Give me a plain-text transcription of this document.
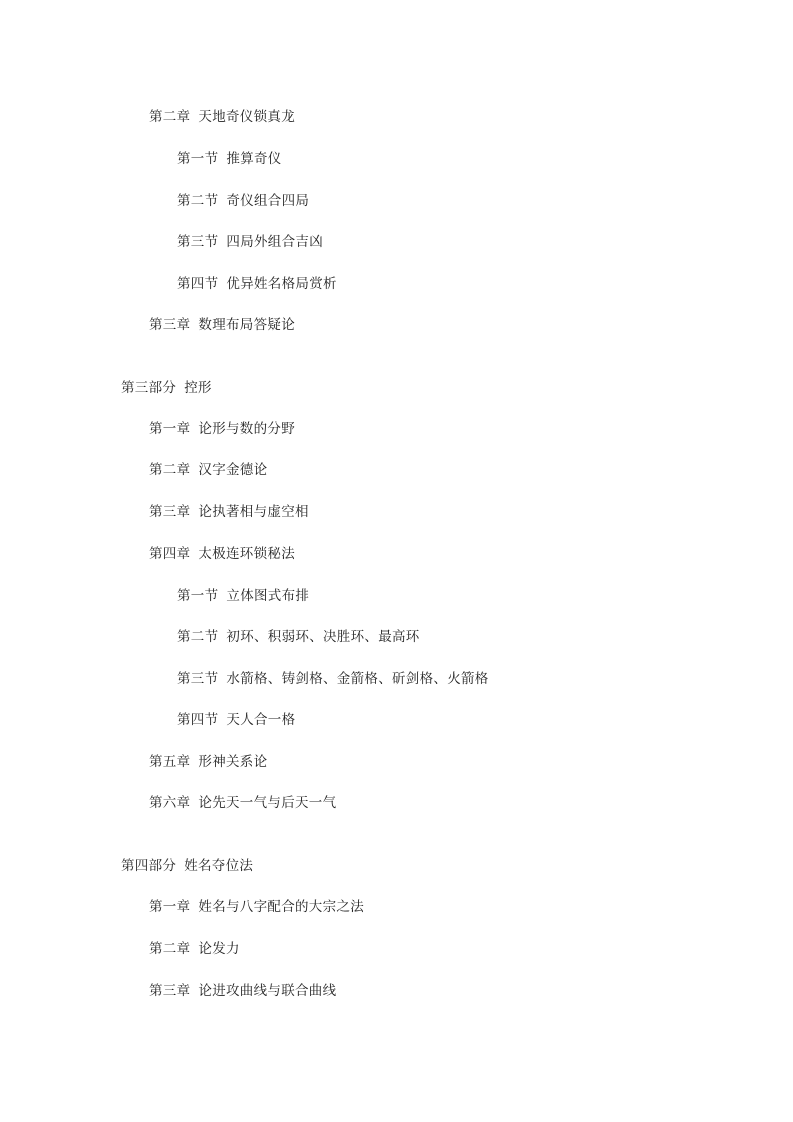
第二章 天地奇仪锁真龙
第一节 推算奇仪
第二节 奇仪组合四局
第三节 四局外组合吉凶
第四节 优异姓名格局赏析
第三章 数理布局答疑论
第三部分 控形
第一章 论形与数的分野
第二章 汉字金德论
第三章 论执著相与虚空相
第四章 太极连环锁秘法
第一节 立体图式布排
第二节 初环、积弱环、决胜环、最高环
第三节 水箭格、铸剑格、金箭格、斫剑格、火箭格
第四节 天人合一格
第五章 形神关系论
第六章 论先天一气与后天一气
第四部分 姓名夺位法
第一章 姓名与八字配合的大宗之法
第二章 论发力
第三章 论进攻曲线与联合曲线
